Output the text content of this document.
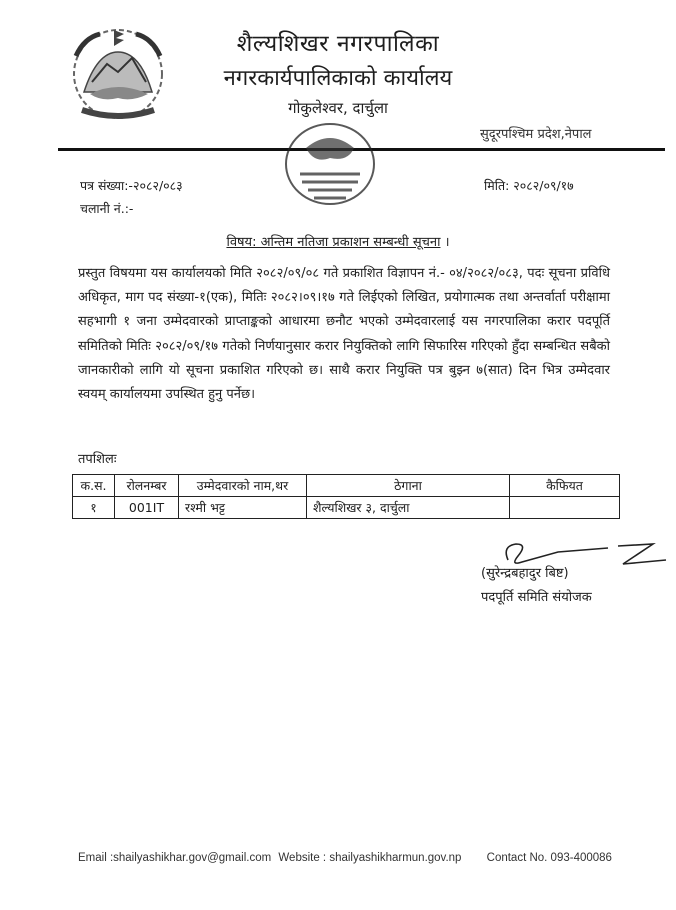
शैल्यशिखर नगरपालिका
नगरकार्यपालिकाको कार्यालय
गोकुलेश्वर, दार्चुला
सुदूरपश्चिम प्रदेश,नेपाल
पत्र संख्या:-२०८२/०८३
चलानी नं.:-
मिति: २०८२/०९/१७
विषय: अन्तिम नतिजा प्रकाशन सम्बन्धी सूचना ।
प्रस्तुत विषयमा यस कार्यालयको मिति २०८२/०९/०८ गते प्रकाशित विज्ञापन नं.- ०४/२०८२/०८३, पदः सूचना प्रविधि अधिकृत, माग पद संख्या-१(एक), मितिः २०८२।०९।१७ गते लिईएको लिखित, प्रयोगात्मक तथा अन्तर्वार्ता परीक्षामा सहभागी १ जना उम्मेदवारको प्राप्ताङ्कको आधारमा छनौट भएको उम्मेदवारलाई यस नगरपालिका करार पदपूर्ति समितिको मितिः २०८२/०९/१७ गतेको निर्णयानुसार करार नियुक्तिको लागि सिफारिस गरिएको हुँदा सम्बन्धित सबैको जानकारीको लागि यो सूचना प्रकाशित गरिएको छ। साथै करार नियुक्ति पत्र बुझ्न ७(सात) दिन भित्र उम्मेदवार स्वयम् कार्यालयमा उपस्थित हुनु पर्नेछ।
तपशिलः
क.स.	रोलनम्बर	उम्मेदवारको नाम,थर	ठेगाना	कैफियत
१	001IT	रश्मी भट्ट	शैल्यशिखर ३, दार्चुला	
(सुरेन्द्रबहादुर बिष्ट)
पदपूर्ति समिति संयोजक
Email :shailyashikhar.gov@gmail.com Website : shailyashikharmun.gov.np Contact No. 093-400086
